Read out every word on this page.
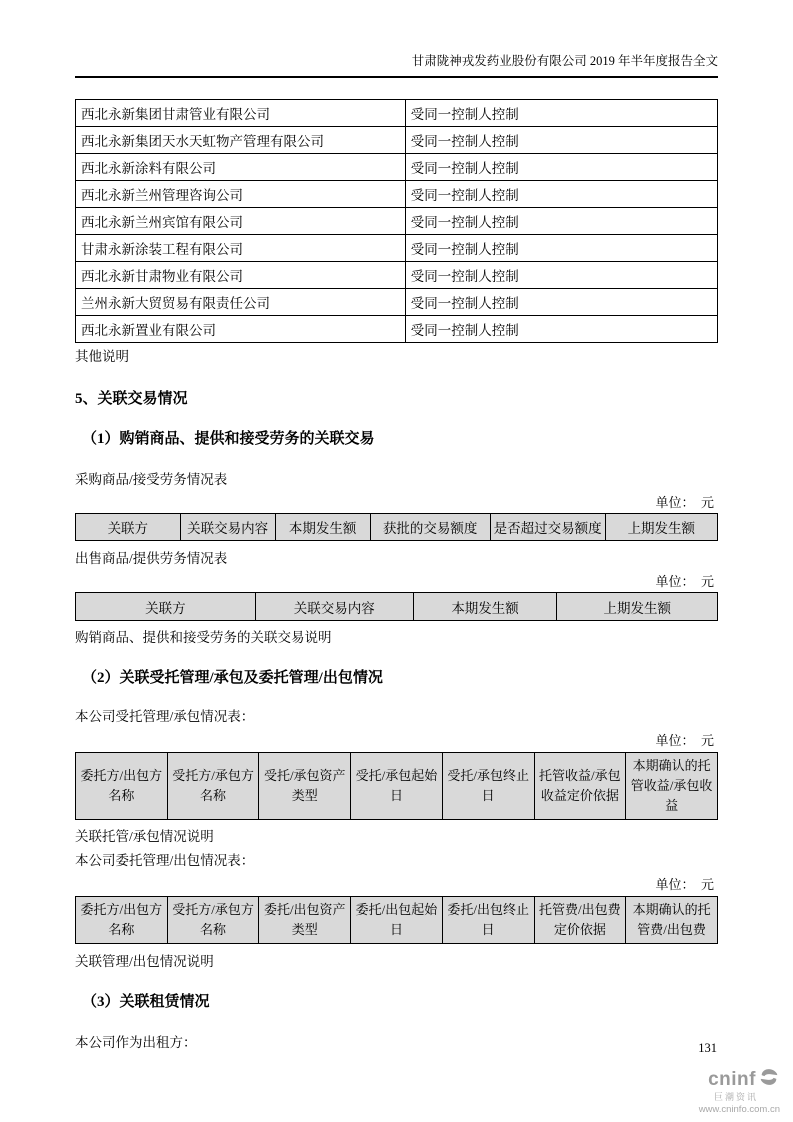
甘肃陇神戎发药业股份有限公司 2019 年半年度报告全文
西北永新集团甘肃管业有限公司	受同一控制人控制
西北永新集团天水天虹物产管理有限公司	受同一控制人控制
西北永新涂料有限公司	受同一控制人控制
西北永新兰州管理咨询公司	受同一控制人控制
西北永新兰州宾馆有限公司	受同一控制人控制
甘肃永新涂装工程有限公司	受同一控制人控制
西北永新甘肃物业有限公司	受同一控制人控制
兰州永新大贸贸易有限责任公司	受同一控制人控制
西北永新置业有限公司	受同一控制人控制
其他说明
5、关联交易情况
（1）购销商品、提供和接受劳务的关联交易
采购商品/接受劳务情况表
单位：　元
关联方	关联交易内容	本期发生额	获批的交易额度	是否超过交易额度	上期发生额
出售商品/提供劳务情况表
单位：　元
关联方	关联交易内容	本期发生额	上期发生额
购销商品、提供和接受劳务的关联交易说明
（2）关联受托管理/承包及委托管理/出包情况
本公司受托管理/承包情况表：
单位：　元
委托方/出包方名称	受托方/承包方名称	受托/承包资产类型	受托/承包起始日	受托/承包终止日	托管收益/承包收益定价依据	本期确认的托管收益/承包收益
关联托管/承包情况说明
本公司委托管理/出包情况表：
单位：　元
委托方/出包方名称	受托方/承包方名称	委托/出包资产类型	委托/出包起始日	委托/出包终止日	托管费/出包费定价依据	本期确认的托管费/出包费
关联管理/出包情况说明
（3）关联租赁情况
本公司作为出租方：	131
cninf
巨潮资讯
www.cninfo.com.cn
